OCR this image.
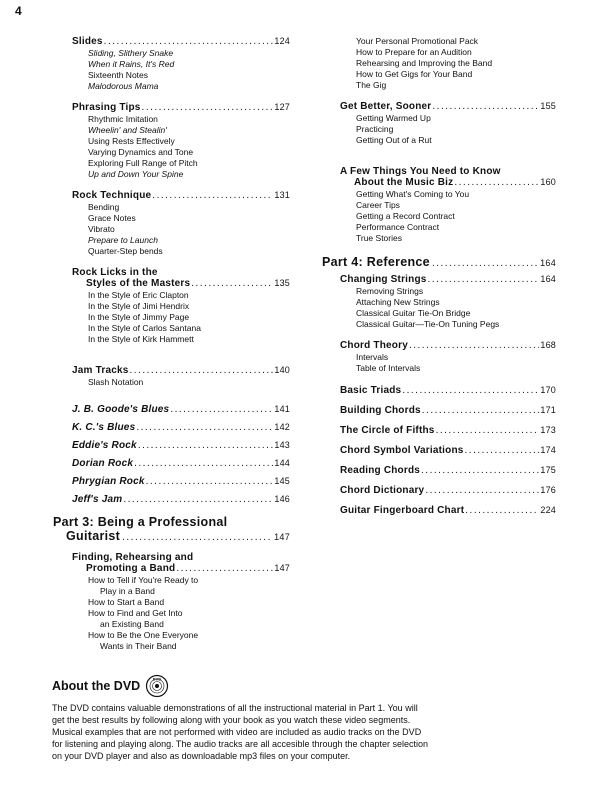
4
Slides .....	124
Sliding, Slithery Snake
When it Rains, It's Red
Sixteenth Notes
Malodorous Mama
Phrasing Tips .....	127
Rhythmic Imitation
Wheelin' and Stealin'
Using Rests Effectively
Varying Dynamics and Tone
Exploring Full Range of Pitch
Up and Down Your Spine
Rock Technique .....	131
Bending
Grace Notes
Vibrato
Prepare to Launch
Quarter-Step bends
Rock Licks in the
Styles of the Masters .....	135
In the Style of Eric Clapton
In the Style of Jimi Hendrix
In the Style of Jimmy Page
In the Style of Carlos Santana
In the Style of Kirk Hammett
Jam Tracks .....	140
Slash Notation
J. B. Goode's Blues .....	141
K. C.'s Blues .....	142
Eddie's Rock .....	143
Dorian Rock .....	144
Phrygian Rock .....	145
Jeff's Jam .....	146
Part 3: Being a Professional
Guitarist .....	147
Finding, Rehearsing and
Promoting a Band .....	147
How to Tell if You're Ready to
Play in a Band
How to Start a Band
How to Find and Get Into
an Existing Band
How to Be the One Everyone
Wants in Their Band
Your Personal Promotional Pack
How to Prepare for an Audition
Rehearsing and Improving the Band
How to Get Gigs for Your Band
The Gig
Get Better, Sooner .....	155
Getting Warmed Up
Practicing
Getting Out of a Rut
A Few Things You Need to Know
About the Music Biz .....	160
Getting What's Coming to You
Career Tips
Getting a Record Contract
Performance Contract
True Stories
Part 4: Reference .....	164
Changing Strings .....	164
Removing Strings
Attaching New Strings
Classical Guitar Tie-On Bridge
Classical Guitar—Tie-On Tuning Pegs
Chord Theory .....	168
Intervals
Table of Intervals
Basic Triads .....	170
Building Chords .....	171
The Circle of Fifths .....	173
Chord Symbol Variations .....	174
Reading Chords .....	175
Chord Dictionary .....	176
Guitar Fingerboard Chart .....	224
About the DVD	DVD
The DVD contains valuable demonstrations of all the instructional material in Part 1. You will
get the best results by following along with your book as you watch these video segments.
Musical examples that are not performed with video are included as audio tracks on the DVD
for listening and playing along. The audio tracks are all accesible through the chapter selection
on your DVD player and also as downloadable mp3 files on your computer.
